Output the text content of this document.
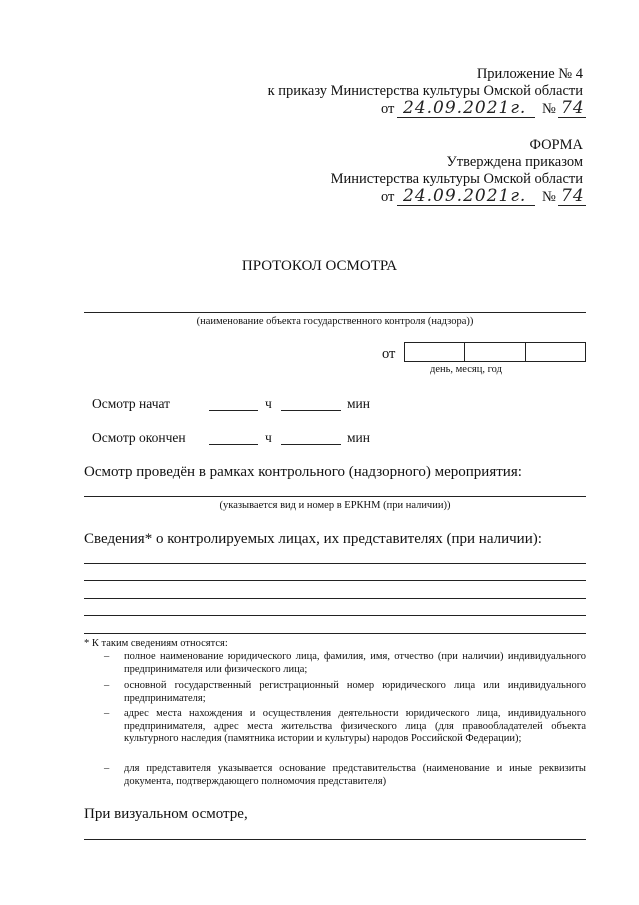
Приложение № 4
к приказу Министерства культуры Омской области
от 24.09.2021г.	№ 74
ФОРМА
Утверждена приказом
Министерства культуры Омской области
от 24.09.2021г.	№ 74
ПРОТОКОЛ ОСМОТРА
(наименование объекта государственного контроля (надзора))
от
день, месяц, год
Осмотр начат	ч	мин
Осмотр окончен	ч	мин
Осмотр проведён в рамках контрольного (надзорного) мероприятия:
(указывается вид и номер в ЕРКНМ (при наличии))
Сведения* о контролируемых лицах, их представителях (при наличии):
* К таким сведениям относятся:
– полное наименование юридического лица, фамилия, имя, отчество (при наличии) индивидуального предпринимателя или физического лица;
– основной государственный регистрационный номер юридического лица или индивидуального предпринимателя;
– адрес места нахождения и осуществления деятельности юридического лица, индивидуального предпринимателя, адрес места жительства физического лица (для правообладателей объекта культурного наследия (памятника истории и культуры) народов Российской Федерации);
– для представителя указывается основание представительства (наименование и иные реквизиты документа, подтверждающего полномочия представителя)
При визуальном осмотре,
